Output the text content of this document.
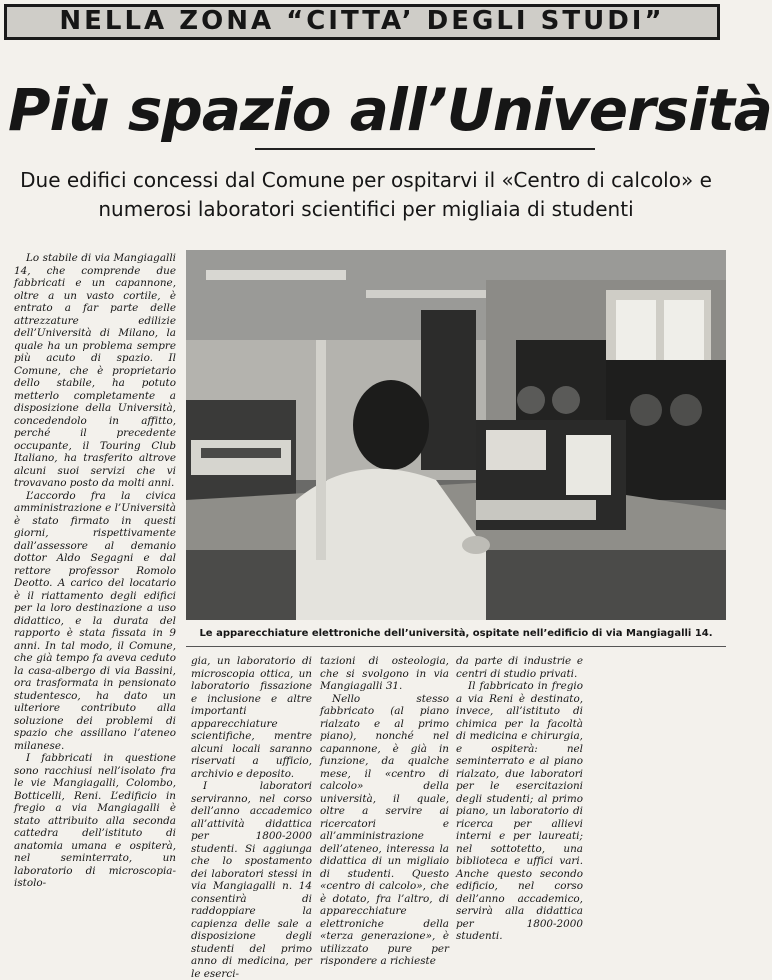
NELLA ZONA “CITTA’ DEGLI STUDI”
Più spazio all’Università
Due edifici concessi dal Comune per ospitarvi il «Centro di calcolo» e numerosi laboratori scientifici per migliaia di studenti

Lo stabile di via Mangiagalli 14, che comprende due fabbricati e un capannone, oltre a un vasto cortile, è entrato a far parte delle attrezzature edilizie dell’Università di Milano, la quale ha un problema sempre più acuto di spazio. Il Comune, che è proprietario dello stabile, ha potuto metterlo completamente a disposizione della Università, concedendolo in affitto, perché il precedente occupante, il Touring Club Italiano, ha trasferito altrove alcuni suoi servizi che vi trovavano posto da molti anni.

L’accordo fra la civica amministrazione e l’Università è stato firmato in questi giorni, rispettivamente dall’assessore al demanio dottor Aldo Segagni e dal rettore professor Romolo Deotto. A carico del locatario è il riattamento degli edifici per la loro destinazione a uso didattico, e la durata del rapporto è stata fissata in 9 anni. In tal modo, il Comune, che già tempo fa aveva ceduto la casa-albergo di via Bassini, ora trasformata in pensionato studentesco, ha dato un ulteriore contributo alla soluzione dei problemi di spazio che assillano l’ateneo milanese.

I fabbricati in questione sono racchiusi nell’isolato fra le vie Mangiagalli, Colombo, Botticelli, Reni. L’edificio in fregio a via Mangiagalli è stato attribuito alla seconda cattedra dell’istituto di anatomia umana e ospiterà, nel seminterrato, un laboratorio di microscopia-istolo-

Le apparecchiature elettroniche dell’università, ospitate nell’edificio di via Mangiagalli 14.

gia, un laboratorio di microscopia ottica, un laboratorio fissazione e inclusione e altre importanti apparecchiature scientifiche, mentre alcuni locali saranno riservati a ufficio, archivio e deposito.

I laboratori serviranno, nel corso dell’anno accademico all’attività didattica per 1800-2000 studenti. Si aggiunga che lo spostamento dei laboratori stessi in via Mangiagalli n. 14 consentirà di raddoppiare la capienza delle sale a disposizione degli studenti del primo anno di medicina, per le eserci-

tazioni di osteologia, che si svolgono in via Mangiagalli 31.

Nello stesso fabbricato (al piano rialzato e al primo piano), nonché nel capannone, è già in funzione, da qualche mese, il «centro di calcolo» della università, il quale, oltre a servire ai ricercatori e all’amministrazione dell’ateneo, interessa la didattica di un migliaio di studenti. Questo «centro di calcolo», che è dotato, fra l’altro, di apparecchiature elettroniche della «terza generazione», è utilizzato pure per rispondere a richieste

da parte di industrie e centri di studio privati.

Il fabbricato in fregio a via Reni è destinato, invece, all’istituto di chimica per la facoltà di medicina e chirurgia, e ospiterà: nel seminterrato e al piano rialzato, due laboratori per le esercitazioni degli studenti; al primo piano, un laboratorio di ricerca per allievi interni e per laureati; nel sottotetto, una biblioteca e uffici vari. Anche questo secondo edificio, nel corso dell’anno accademico, servirà alla didattica per 1800-2000 studenti.
